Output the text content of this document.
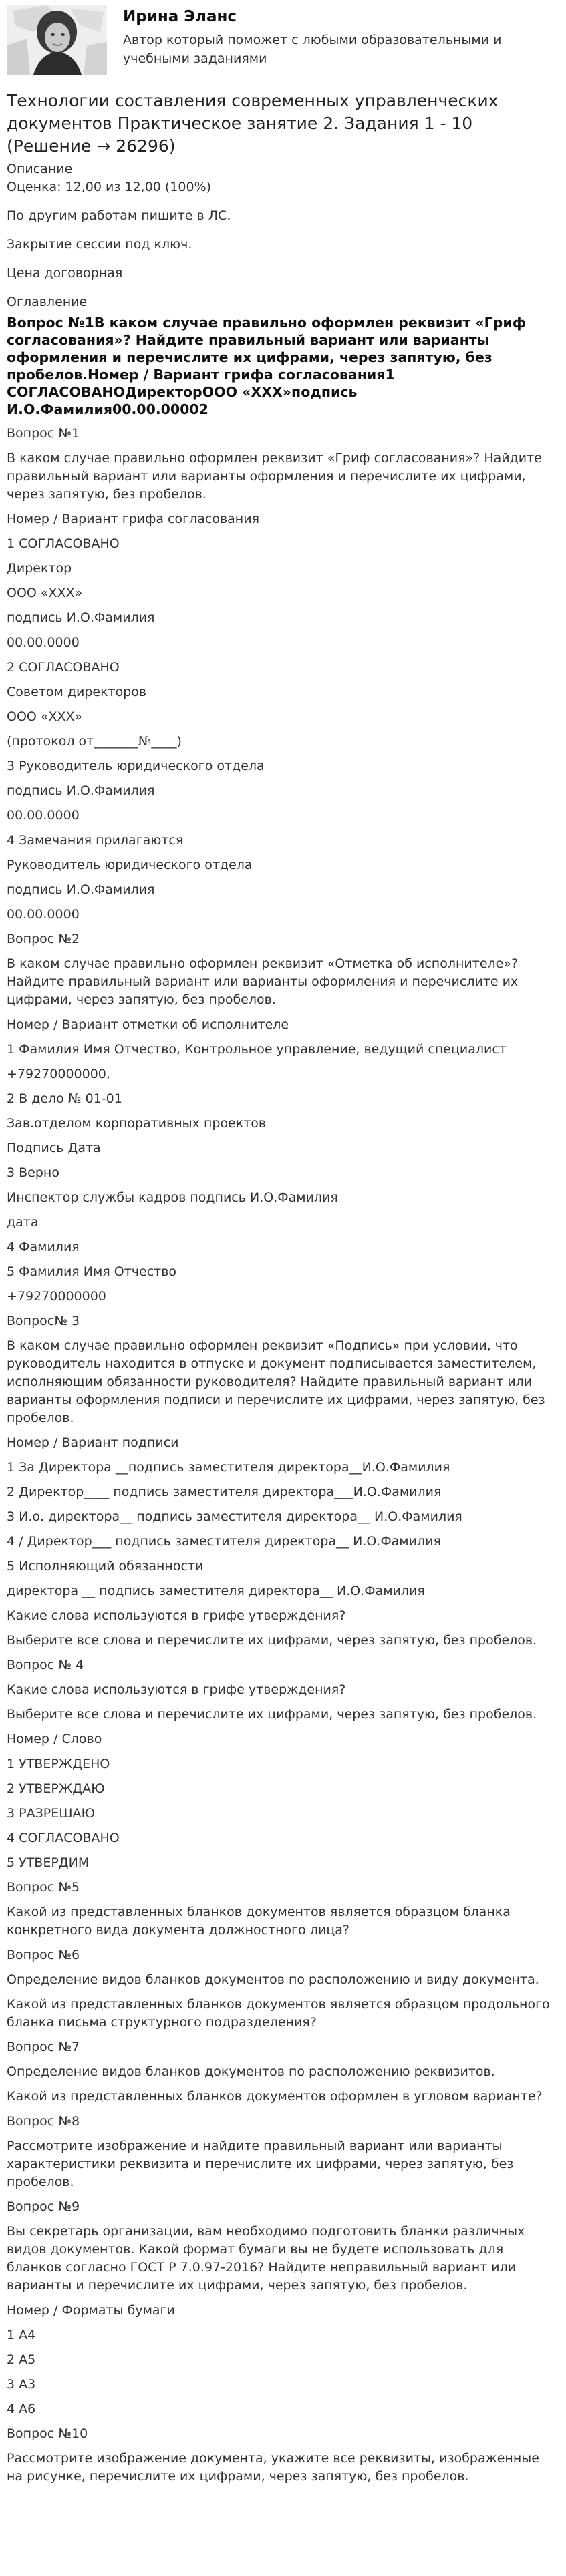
Ирина Эланс
Автор который поможет с любыми образовательными и учебными заданиями
Технологии составления современных управленческих документов Практическое занятие 2. Задания 1 - 10 (Решение → 26296)
Описание
Оценка: 12,00 из 12,00 (100%)
По другим работам пишите в ЛС.
Закрытие сессии под ключ.
Цена договорная
Оглавление
Вопрос №1В каком случае правильно оформлен реквизит «Гриф согласования»? Найдите правильный вариант или варианты оформления и перечислите их цифрами, через запятую, без пробелов.Номер / Вариант грифа согласования1 СОГЛАСОВАНОДиректорООО «ХХХ»подпись И.О.Фамилия00.00.00002
Вопрос №1
В каком случае правильно оформлен реквизит «Гриф согласования»? Найдите правильный вариант или варианты оформления и перечислите их цифрами, через запятую, без пробелов.
Номер / Вариант грифа согласования
1 СОГЛАСОВАНО
Директор
ООО «ХХХ»
подпись И.О.Фамилия
00.00.0000
2 СОГЛАСОВАНО
Советом директоров
ООО «ХХХ»
(протокол от_______№____)
3 Руководитель юридического отдела
подпись И.О.Фамилия
00.00.0000
4 Замечания прилагаются
Руководитель юридического отдела
подпись И.О.Фамилия
00.00.0000
Вопрос №2
В каком случае правильно оформлен реквизит «Отметка об исполнителе»? Найдите правильный вариант или варианты оформления и перечислите их цифрами, через запятую, без пробелов.
Номер / Вариант отметки об исполнителе
1 Фамилия Имя Отчество, Контрольное управление, ведущий специалист
+79270000000,
2 В дело № 01-01
Зав.отделом корпоративных проектов
Подпись Дата
3 Верно
Инспектор службы кадров подпись И.О.Фамилия
дата
4 Фамилия
5 Фамилия Имя Отчество
+79270000000
Вопрос№ 3
В каком случае правильно оформлен реквизит «Подпись» при условии, что руководитель находится в отпуске и документ подписывается заместителем, исполняющим обязанности руководителя? Найдите правильный вариант или варианты оформления подписи и перечислите их цифрами, через запятую, без пробелов.
Номер / Вариант подписи
1 За Директора __подпись заместителя директора__И.О.Фамилия
2 Директор____ подпись заместителя директора___И.О.Фамилия
3 И.о. директора__ подпись заместителя директора__ И.О.Фамилия
4 / Директор___ подпись заместителя директора__ И.О.Фамилия
5 Исполняющий обязанности
директора __ подпись заместителя директора__ И.О.Фамилия
Какие слова используются в грифе утверждения?
Выберите все слова и перечислите их цифрами, через запятую, без пробелов.
Вопрос № 4
Какие слова используются в грифе утверждения?
Выберите все слова и перечислите их цифрами, через запятую, без пробелов.
Номер / Слово
1 УТВЕРЖДЕНО
2 УТВЕРЖДАЮ
3 РАЗРЕШАЮ
4 СОГЛАСОВАНО
5 УТВЕРДИМ
Вопрос №5
Какой из представленных бланков документов является образцом бланка конкретного вида документа должностного лица?
Вопрос №6
Определение видов бланков документов по расположению и виду документа.
Какой из представленных бланков документов является образцом продольного бланка письма структурного подразделения?
Вопрос №7
Определение видов бланков документов по расположению реквизитов.
Какой из представленных бланков документов оформлен в угловом варианте?
Вопрос №8
Рассмотрите изображение и найдите правильный вариант или варианты характеристики реквизита и перечислите их цифрами, через запятую, без пробелов.
Вопрос №9
Вы секретарь организации, вам необходимо подготовить бланки различных видов документов. Какой формат бумаги вы не будете использовать для бланков согласно ГОСТ Р 7.0.97-2016? Найдите неправильный вариант или варианты и перечислите их цифрами, через запятую, без пробелов.
Номер / Форматы бумаги
1 А4
2 А5
3 А3
4 А6
Вопрос №10
Рассмотрите изображение документа, укажите все реквизиты, изображенные на рисунке, перечислите их цифрами, через запятую, без пробелов.
